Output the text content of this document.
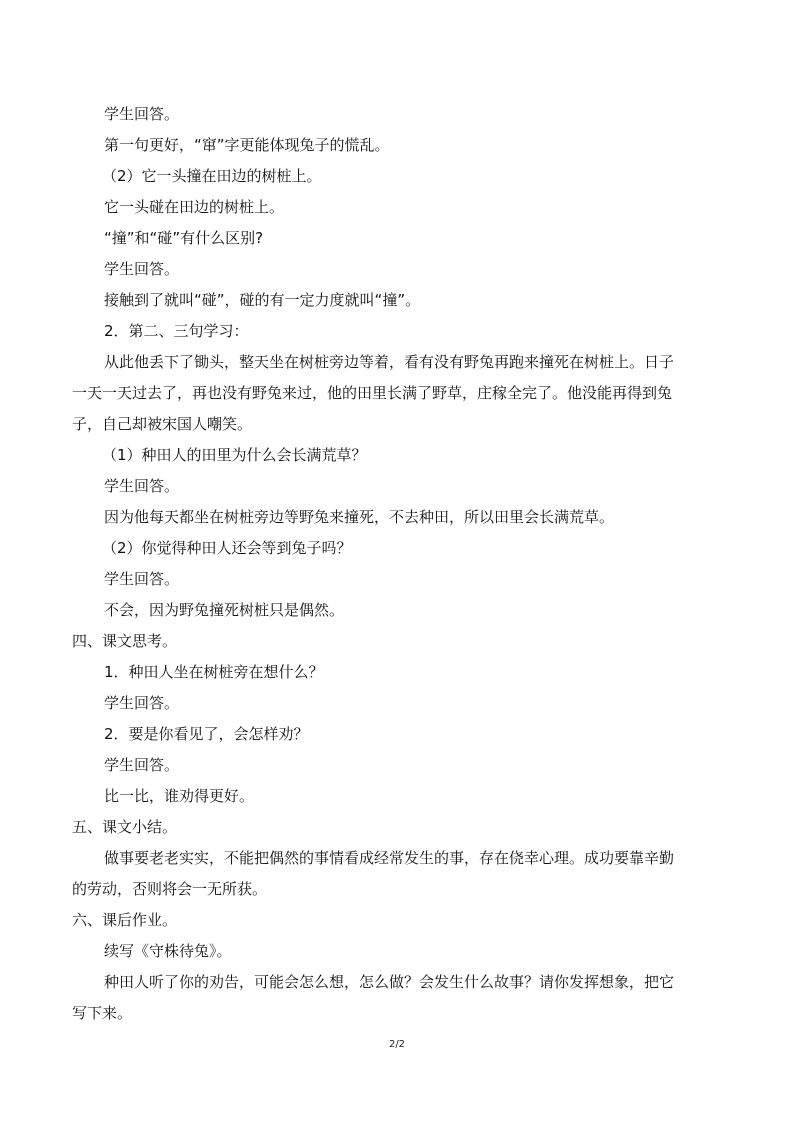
学生回答。
第一句更好，“窜”字更能体现兔子的慌乱。
（2）它一头撞在田边的树桩上。
它一头碰在田边的树桩上。
“撞”和“碰”有什么区别?
学生回答。
接触到了就叫“碰”，碰的有一定力度就叫“撞”。
2．第二、三句学习：
从此他丢下了锄头，整天坐在树桩旁边等着，看有没有野兔再跑来撞死在树桩上。日子
一天一天过去了，再也没有野兔来过，他的田里长满了野草，庄稼全完了。他没能再得到兔
子，自己却被宋国人嘲笑。
（1）种田人的田里为什么会长满荒草？
学生回答。
因为他每天都坐在树桩旁边等野兔来撞死，不去种田，所以田里会长满荒草。
（2）你觉得种田人还会等到兔子吗？
学生回答。
不会，因为野兔撞死树桩只是偶然。
四、课文思考。
1．种田人坐在树桩旁在想什么？
学生回答。
2．要是你看见了，会怎样劝？
学生回答。
比一比，谁劝得更好。
五、课文小结。
做事要老老实实，不能把偶然的事情看成经常发生的事，存在侥幸心理。成功要靠辛勤
的劳动，否则将会一无所获。
六、课后作业。
续写《守株待兔》。
种田人听了你的劝告，可能会怎么想，怎么做？会发生什么故事？请你发挥想象，把它
写下来。
2/2
